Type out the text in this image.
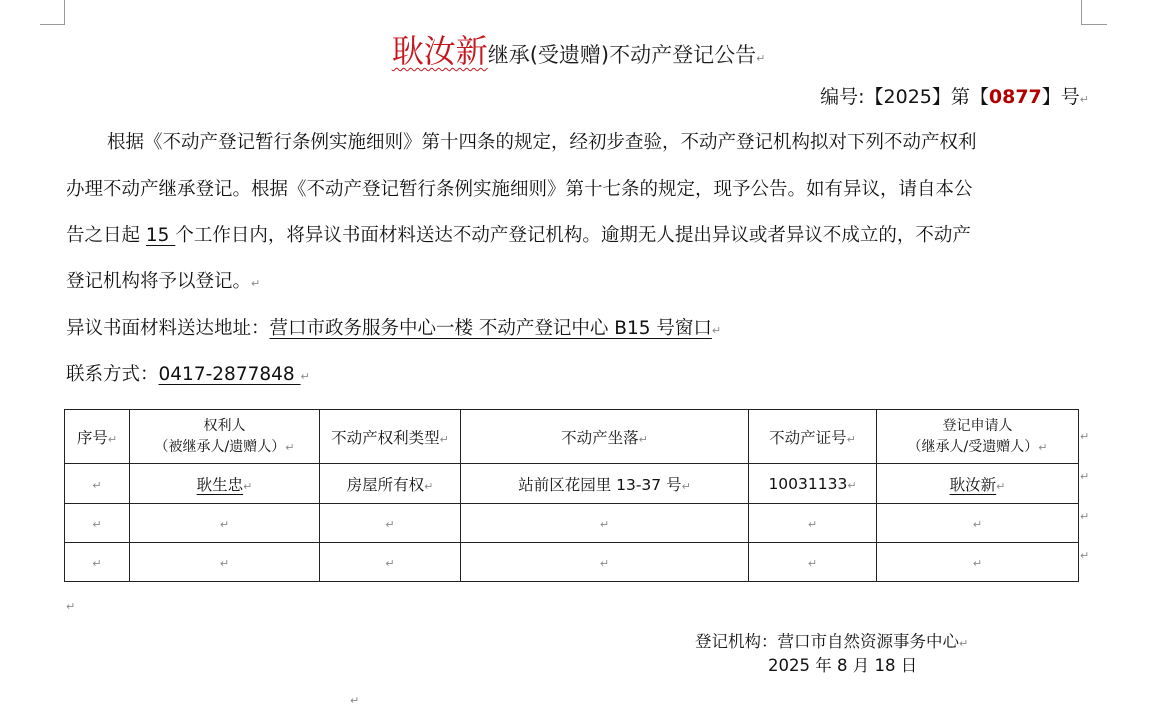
耿汝新继承(受遗赠)不动产登记公告↵
编号:【2025】第【0877】号↵
根据《不动产登记暂行条例实施细则》第十四条的规定，经初步查验，不动产登记机构拟对下列不动产权利
办理不动产继承登记。根据《不动产登记暂行条例实施细则》第十七条的规定，现予公告。如有异议，请自本公
告之日起 15 个工作日内，将异议书面材料送达不动产登记机构。逾期无人提出异议或者异议不成立的，不动产
登记机构将予以登记。↵
异议书面材料送达地址：营口市政务服务中心一楼 不动产登记中心 B15 号窗口↵
联系方式：0417-2877848 ↵
序号↵	权利人
（被继承人/遗赠人）↵	不动产权利类型↵	不动产坐落↵	不动产证号↵	登记申请人
（继承人/受遗赠人）↵

↵	耿生忠↵	房屋所有权↵	站前区花园里 13-37 号↵	10031133↵	耿汝新↵
↵	↵	↵	↵	↵	↵
↵	↵	↵	↵	↵	↵
↵
↵
↵
↵
↵
登记机构：营口市自然资源事务中心↵
2025 年 8 月 18 日
↵
